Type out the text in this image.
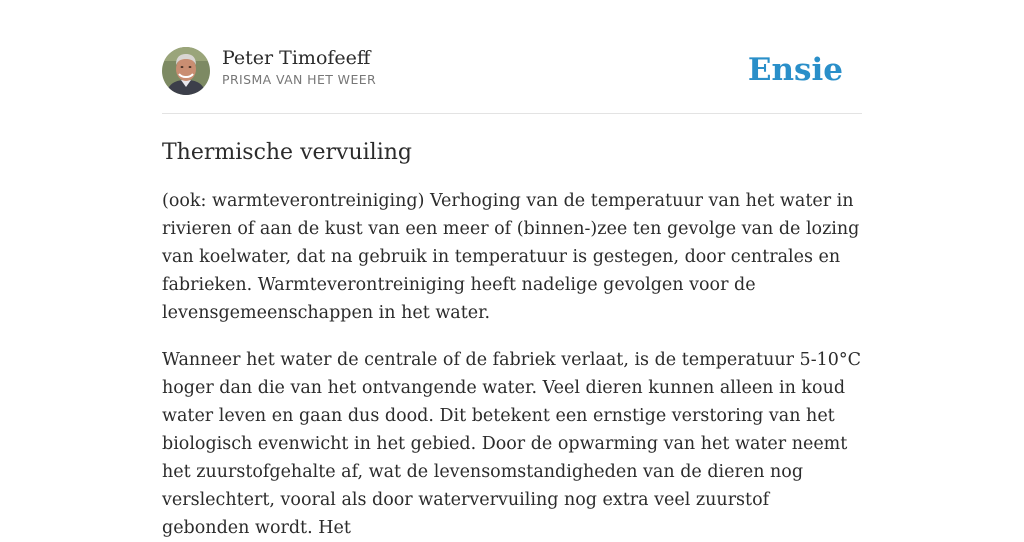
Peter Timofeeff
PRISMA VAN HET WEER	Ensie
Thermische vervuiling

(ook: warmteverontreiniging) Verhoging van de temperatuur van het water in rivieren of aan de kust van een meer of (binnen-)zee ten gevolge van de lozing van koelwater, dat na gebruik in temperatuur is gestegen, door centrales en fabrieken. Warmteverontreiniging heeft nadelige gevolgen voor de levensgemeenschappen in het water.

Wanneer het water de centrale of de fabriek verlaat, is de temperatuur 5-10°C hoger dan die van het ontvangende water. Veel dieren kunnen alleen in koud water leven en gaan dus dood. Dit betekent een ernstige verstoring van het biologisch evenwicht in het gebied. Door de opwarming van het water neemt het zuurstofgehalte af, wat de levensomstandigheden van de dieren nog verslechtert, vooral als door watervervuiling nog extra veel zuurstof gebonden wordt. Het
